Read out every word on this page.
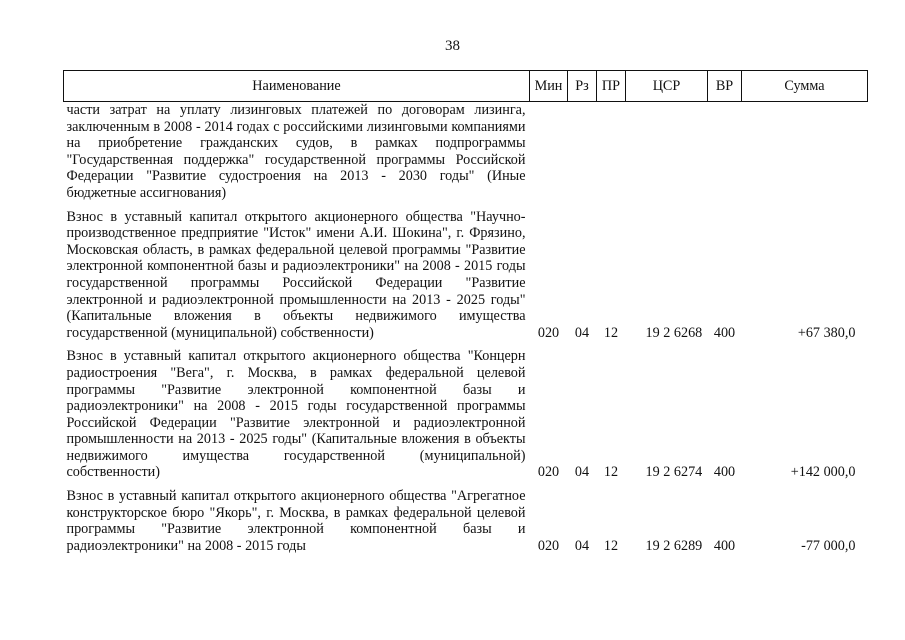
38
Наименование	Мин	Рз	ПР	ЦСР	ВР	Сумма
части затрат на уплату лизинговых платежей по договорам лизинга, заключенным в 2008 - 2014 годах с российскими лизинговыми компаниями на приобретение гражданских судов, в рамках подпрограммы "Государственная поддержка" государственной программы Российской Федерации "Развитие судостроения на 2013 - 2030 годы" (Иные бюджетные ассигнования)						
Взнос в уставный капитал открытого акционерного общества "Научно-производственное предприятие "Исток" имени А.И. Шокина", г. Фрязино, Московская область, в рамках федеральной целевой программы "Развитие электронной компонентной базы и радиоэлектроники" на 2008 - 2015 годы государственной программы Российской Федерации "Развитие электронной и радиоэлектронной промышленности на 2013 - 2025 годы" (Капитальные вложения в объекты недвижимого имущества государственной (муниципальной) собственности)	020	04	12	19 2 6268	400	+67 380,0
Взнос в уставный капитал открытого акционерного общества "Концерн радиостроения "Вега", г. Москва, в рамках федеральной целевой программы "Развитие электронной компонентной базы и радиоэлектроники" на 2008 - 2015 годы государственной программы Российской Федерации "Развитие электронной и радиоэлектронной промышленности на 2013 - 2025 годы" (Капитальные вложения в объекты недвижимого имущества государственной (муниципальной) собственности)	020	04	12	19 2 6274	400	+142 000,0
Взнос в уставный капитал открытого акционерного общества "Агрегатное конструкторское бюро "Якорь", г. Москва, в рамках федеральной целевой программы "Развитие электронной компонентной базы и радиоэлектроники" на 2008 - 2015 годы	020	04	12	19 2 6289	400	-77 000,0
